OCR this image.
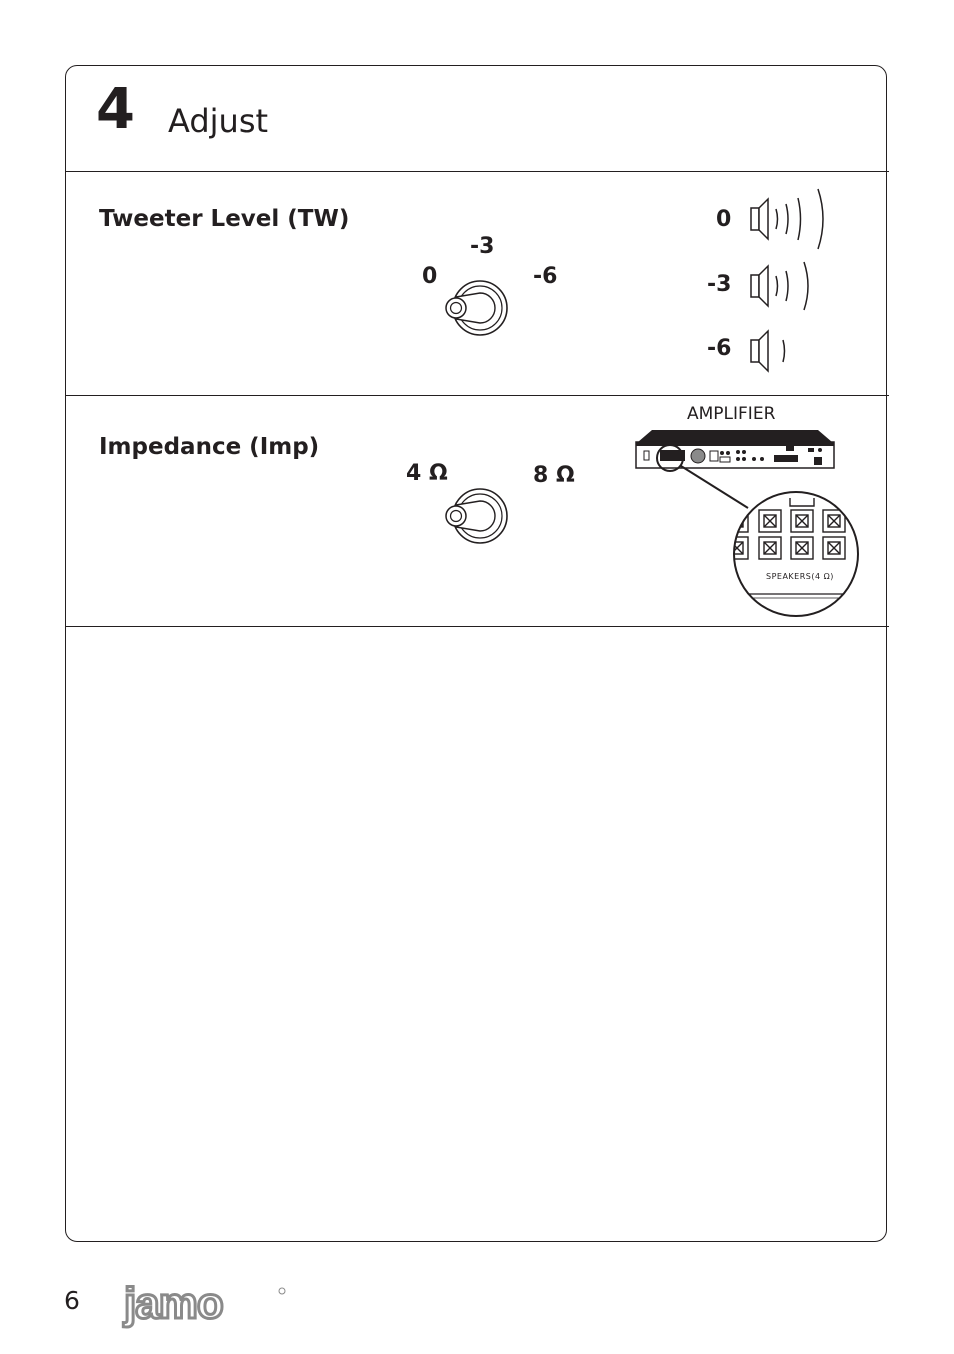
4 Adjust
Tweeter Level (TW)
0
-3
-6
0
-3
-6
Impedance (Imp)
4 Ω	8 Ω
AMPLIFIER
SPEAKERS(4 Ω)
6 jamo
